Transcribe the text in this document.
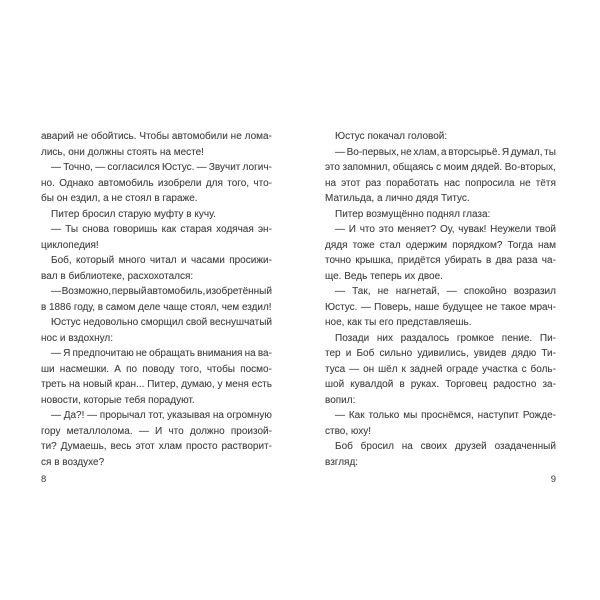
аварий не обойтись. Чтобы автомобили не лома-
лись, они должны стоять на месте!
— Точно, — согласился Юстус. — Звучит логич-
но. Однако автомобиль изобрели для того, что-
бы он ездил, а не стоял в гараже.
Питер бросил старую муфту в кучу.
— Ты снова говоришь как старая ходячая эн-
циклопедия!
Боб, который много читал и часами просижи-
вал в библиотеке, расхохотался:
— Возможно, первый автомобиль, изобретённый
в 1886 году, в самом деле чаще стоял, чем ездил!
Юстус недовольно сморщил свой веснушчатый
нос и вздохнул:
— Я предпочитаю не обращать внимания на ва-
ши насмешки. А по поводу того, чтобы посмо-
треть на новый кран... Питер, думаю, у меня есть
новости, которые тебя порадуют.
— Да?! — прорычал тот, указывая на огромную
гору металлолома. — И что должно произой-
ти? Думаешь, весь этот хлам просто растворит-
ся в воздухе?
8
Юстус покачал головой:
— Во-первых, не хлам, а вторсырьё. Я думал, ты
это запомнил, общаясь с моим дядей. Во-вторых,
на этот раз поработать нас попросила не тётя
Матильда, а лично дядя Титус.
Питер возмущённо поднял глаза:
— И что это меняет? Оу, чувак! Неужели твой
дядя тоже стал одержим порядком? Тогда нам
точно крышка, придётся убирать в два раза ча-
ще. Ведь теперь их двое.
— Так, не нагнетай, — спокойно возразил
Юстус. — Поверь, наше будущее не такое мрач-
ное, как ты его представляешь.
Позади них раздалось громкое пение. Пи-
тер и Боб сильно удивились, увидев дядю Ти-
туса — он шёл к задней ограде участка с боль-
шой кувалдой в руках. Торговец радостно за-
вопил:
— Как только мы проснёмся, наступит Рожде-
ство, юху!
Боб бросил на своих друзей озадаченный
взгляд:
9
